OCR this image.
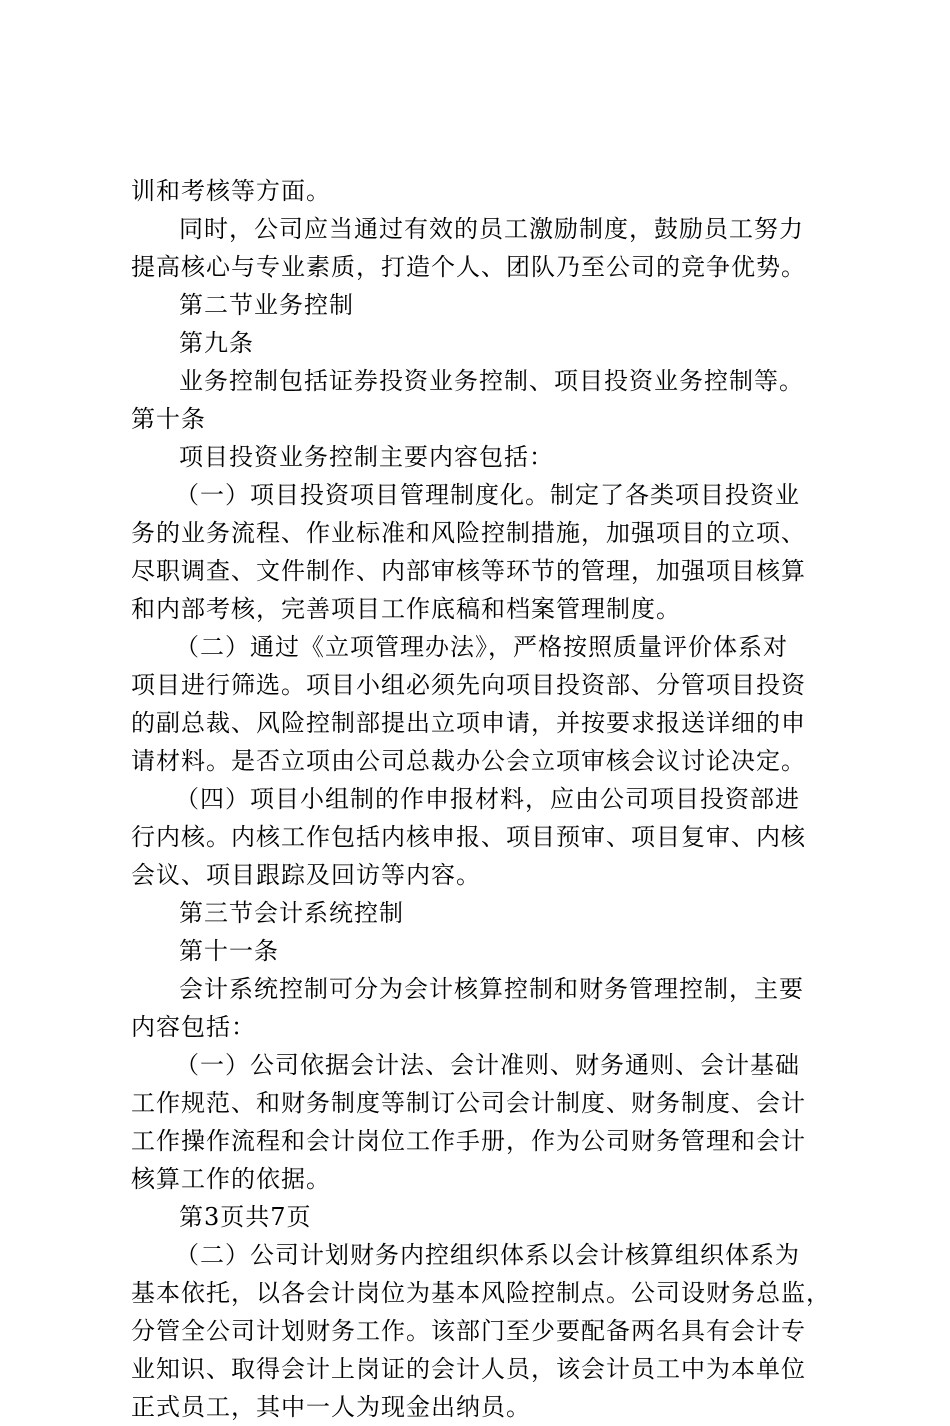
训和考核等方面。
同时，公司应当通过有效的员工激励制度，鼓励员工努力
提高核心与专业素质，打造个人、团队乃至公司的竞争优势。
第二节业务控制
第九条
业务控制包括证券投资业务控制、项目投资业务控制等。
第十条
项目投资业务控制主要内容包括：
（一）项目投资项目管理制度化。制定了各类项目投资业
务的业务流程、作业标准和风险控制措施，加强项目的立项、
尽职调查、文件制作、内部审核等环节的管理，加强项目核算
和内部考核，完善项目工作底稿和档案管理制度。
（二）通过《立项管理办法》，严格按照质量评价体系对
项目进行筛选。项目小组必须先向项目投资部、分管项目投资
的副总裁、风险控制部提出立项申请，并按要求报送详细的申
请材料。是否立项由公司总裁办公会立项审核会议讨论决定。
（四）项目小组制的作申报材料，应由公司项目投资部进
行内核。内核工作包括内核申报、项目预审、项目复审、内核
会议、项目跟踪及回访等内容。
第三节会计系统控制
第十一条
会计系统控制可分为会计核算控制和财务管理控制，主要
内容包括：
（一）公司依据会计法、会计准则、财务通则、会计基础
工作规范、和财务制度等制订公司会计制度、财务制度、会计
工作操作流程和会计岗位工作手册，作为公司财务管理和会计
核算工作的依据。
第3页共7页
（二）公司计划财务内控组织体系以会计核算组织体系为
基本依托，以各会计岗位为基本风险控制点。公司设财务总监，
分管全公司计划财务工作。该部门至少要配备两名具有会计专
业知识、取得会计上岗证的会计人员，该会计员工中为本单位
正式员工，其中一人为现金出纳员。
